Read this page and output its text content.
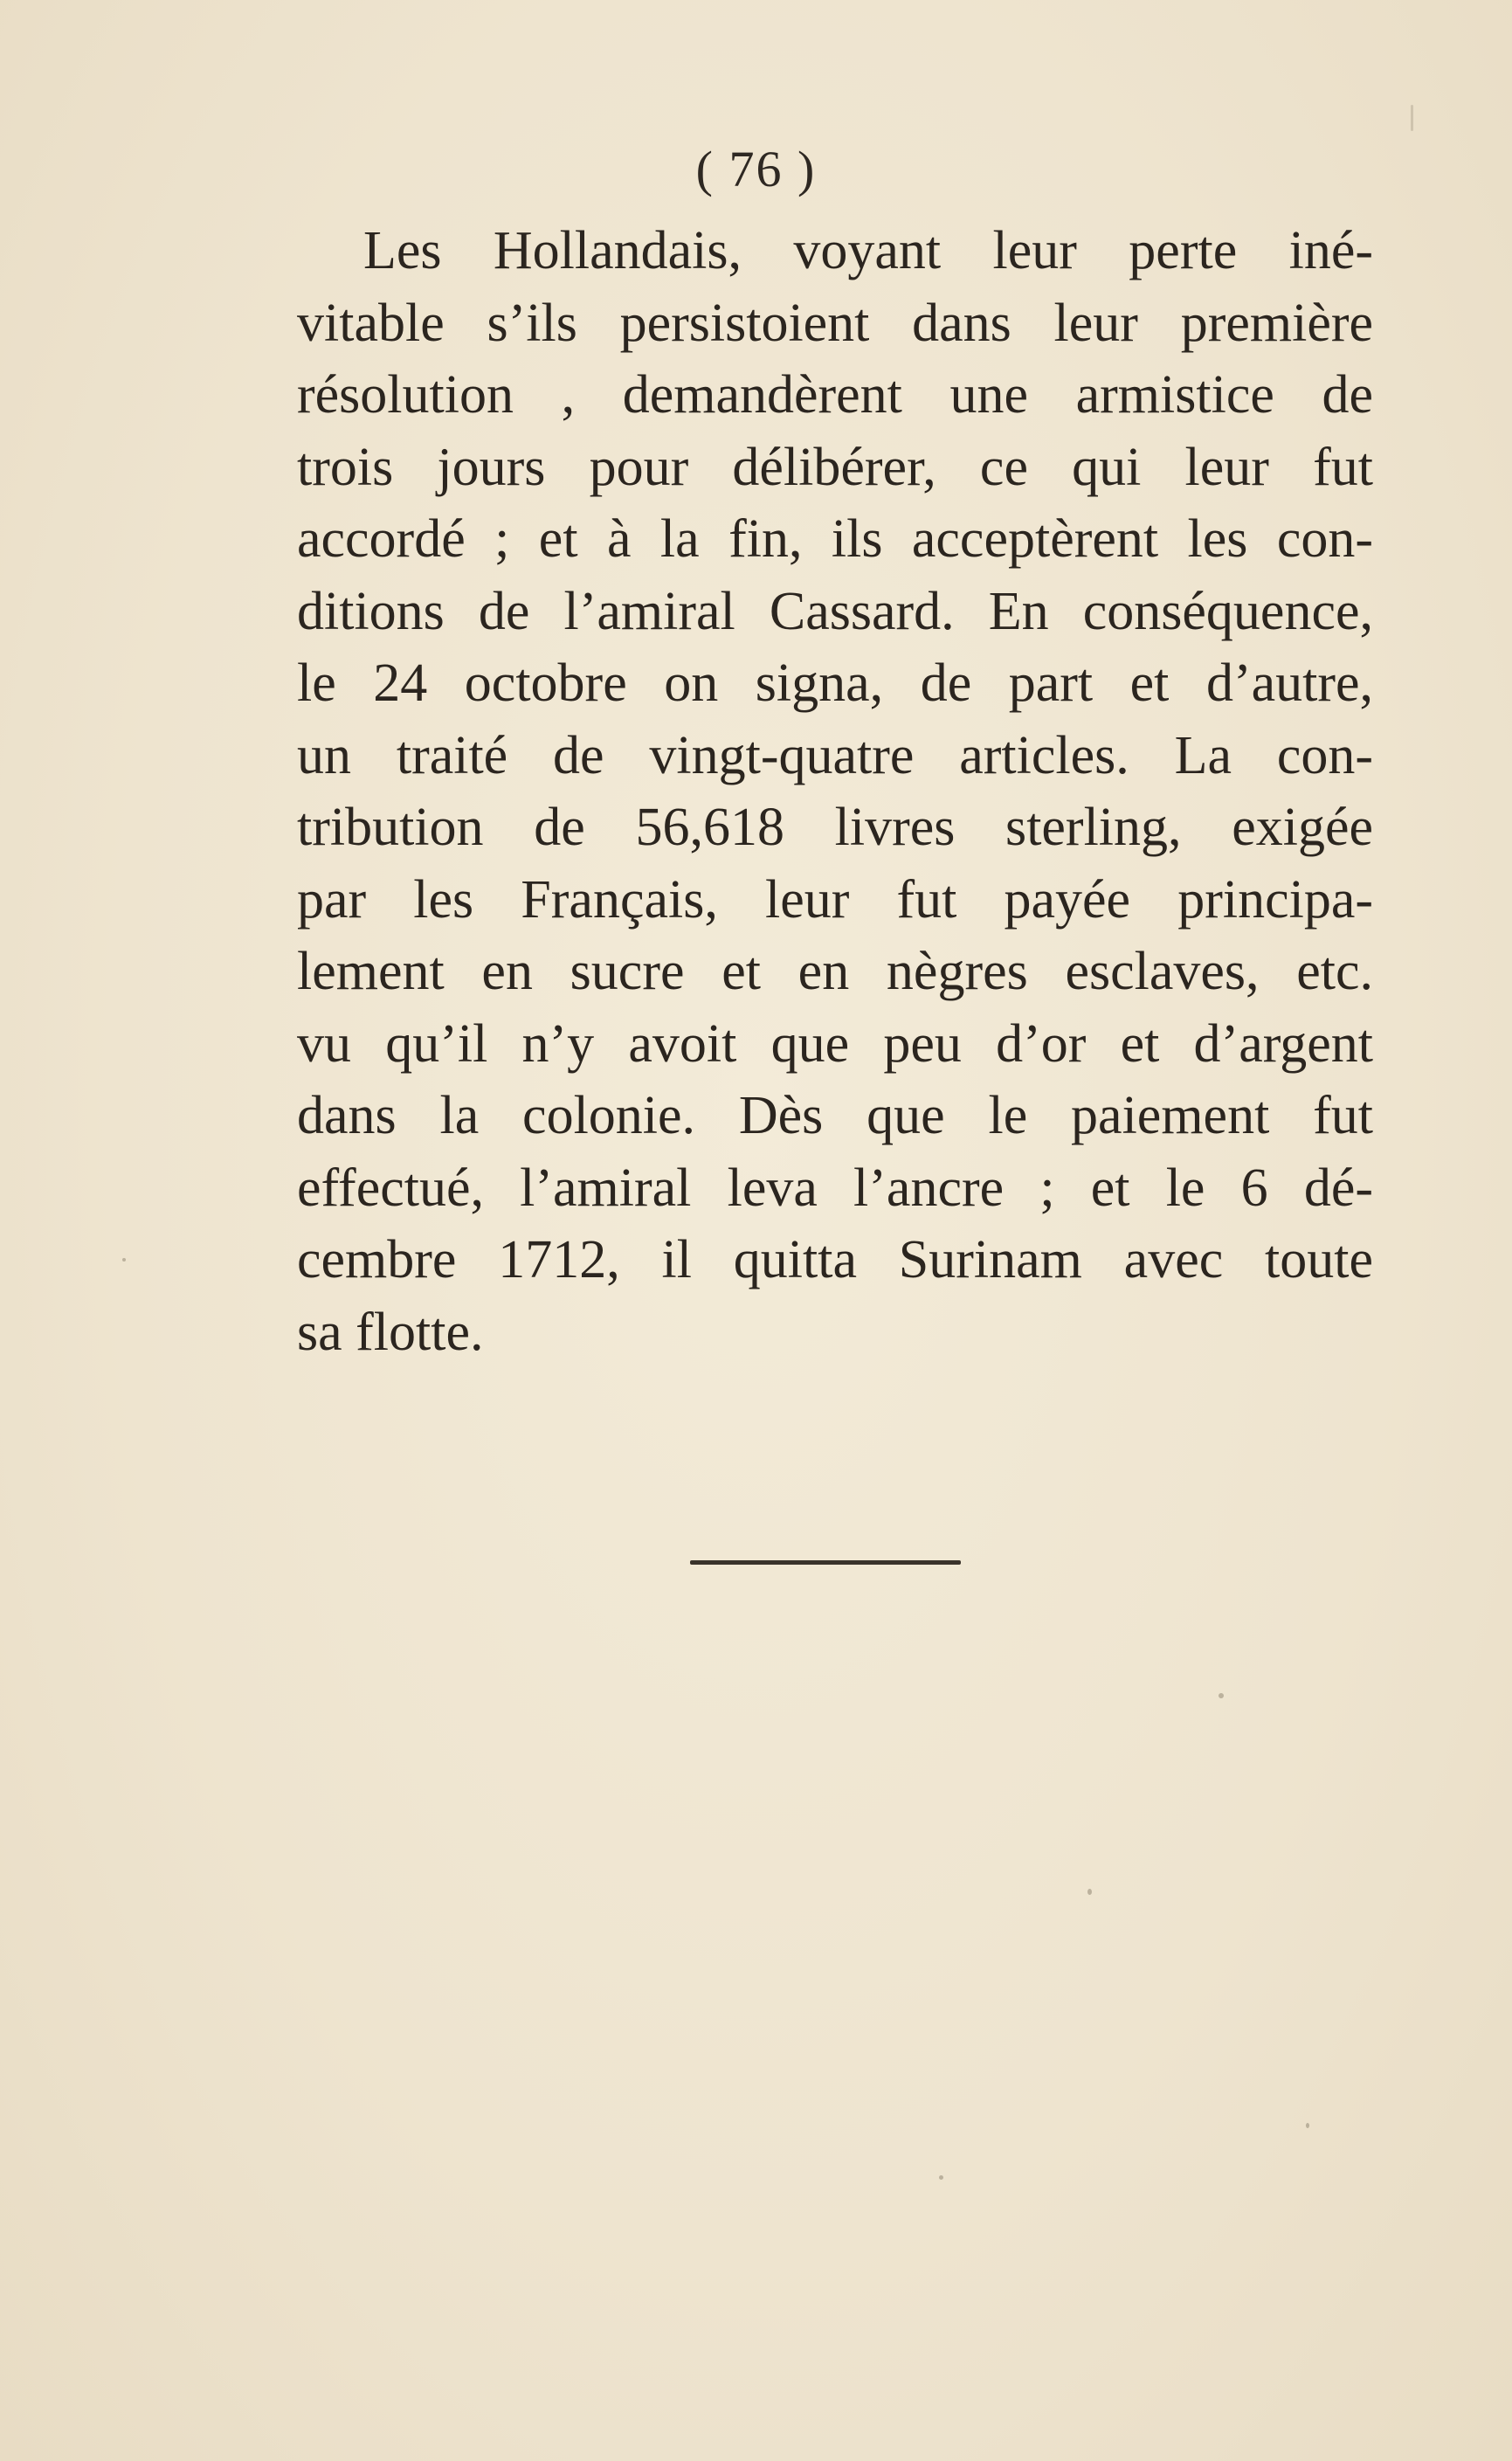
( 76 )
Les Hollandais, voyant leur perte iné-
vitable s’ils persistoient dans leur première
résolution , demandèrent une armistice de
trois jours pour délibérer, ce qui leur fut
accordé ; et à la fin, ils acceptèrent les con-
ditions de l’amiral Cassard. En conséquence,
le 24 octobre on signa, de part et d’autre,
un traité de vingt-quatre articles. La con-
tribution de 56,618 livres sterling, exigée
par les Français, leur fut payée principa-
lement en sucre et en nègres esclaves, etc.
vu qu’il n’y avoit que peu d’or et d’argent
dans la colonie. Dès que le paiement fut
effectué, l’amiral leva l’ancre ; et le 6 dé-
cembre 1712, il quitta Surinam avec toute
sa flotte.
